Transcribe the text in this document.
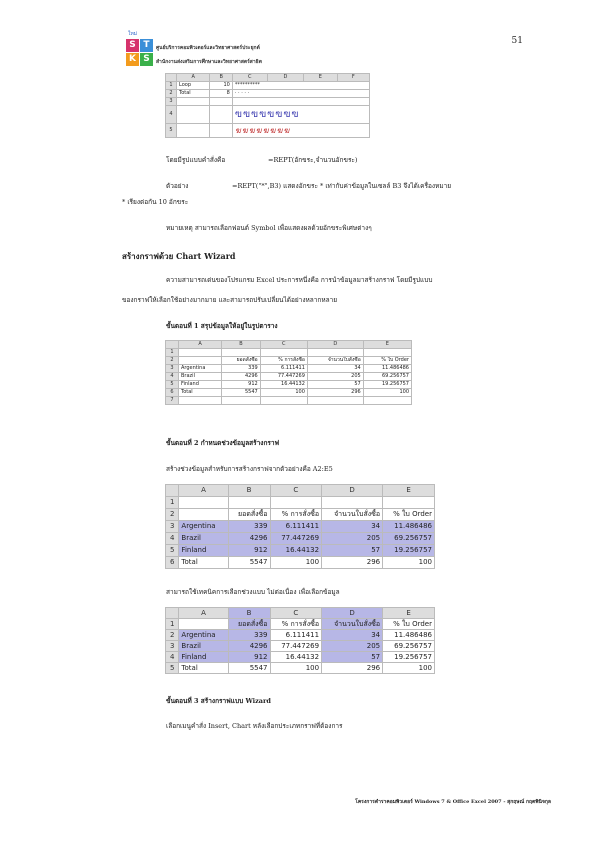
51
ใหม่
S T
K S
ศูนย์บริการคอมพิวเตอร์และวิทยาศาสตร์ประยุกต์
สำนักงานส่งเสริมการศึกษาและวิทยาศาสตร์สาธิต
	A	B	C	D	E	F
1	Loop	10	**********			
2	Total	8	· · · · ·			
3						
4			ฃฃฃฃฃฃฃฃ			
5			ฆฆฆฆฆฆฆฆ			
โดยมีรูปแบบคำสั่งคือ	=REPT(อักขระ,จำนวนอักขระ)
ตัวอย่าง	=REPT("*",B3) แสดงอักขระ * เท่ากับค่าข้อมูลในเซลล์ B3 จึงได้เครื่องหมาย
* เรียงต่อกัน 10 อักขระ
หมายเหตุ สามารถเลือกฟอนต์ Symbol เพื่อแสดงผลด้วยอักขระพิเศษต่างๆ
สร้างกราฟด้วย Chart Wizard
ความสามารถเด่นของโปรแกรม Excel ประการหนึ่งคือ การนำข้อมูลมาสร้างกราฟ โดยมีรูปแบบ
ของกราฟให้เลือกใช้อย่างมากมาย และสามารถปรับเปลี่ยนได้อย่างหลากหลาย
ขั้นตอนที่ 1 สรุปข้อมูลให้อยู่ในรูปตาราง
	A	B	C	D	E
1					
2		ยอดสั่งซื้อ	% การสั่งซื้อ	จำนวนใบสั่งซื้อ	% ใบ Order
3	Argentina	339	6.111411	34	11.486486
4	Brazil	4296	77.447269	205	69.256757
5	Finland	912	16.44132	57	19.256757
6	Total	5547	100	296	100
7					
ขั้นตอนที่ 2 กำหนดช่วงข้อมูลสร้างกราฟ
สร้างช่วงข้อมูลสำหรับการสร้างกราฟจากตัวอย่างคือ A2:E5
	A	B	C	D	E
1					
2		ยอดสั่งซื้อ	% การสั่งซื้อ	จำนวนใบสั่งซื้อ	% ใบ Order
3	Argentina	339	6.111411	34	11.486486
4	Brazil	4296	77.447269	205	69.256757
5	Finland	912	16.44132	57	19.256757
6	Total	5547	100	296	100
สามารถใช้เทคนิคการเลือกช่วงแบบ ไม่ต่อเนื่อง เพื่อเลือกข้อมูล
	A	B	C	D	E
1		ยอดสั่งซื้อ	% การสั่งซื้อ	จำนวนใบสั่งซื้อ	% ใบ Order
2	Argentina	339	6.111411	34	11.486486
3	Brazil	4296	77.447269	205	69.256757
4	Finland	912	16.44132	57	19.256757
5	Total	5547	100	296	100
ขั้นตอนที่ 3 สร้างกราฟแบบ Wizard
เลือกเมนูคำสั่ง Insert, Chart หลังเลือกประเภทกราฟที่ต้องการ
โครงการตำราคอมพิวเตอร์ Windows 7 & Office Excel 2007 - สุกฤษณ์ กฤตพินิจกุล
